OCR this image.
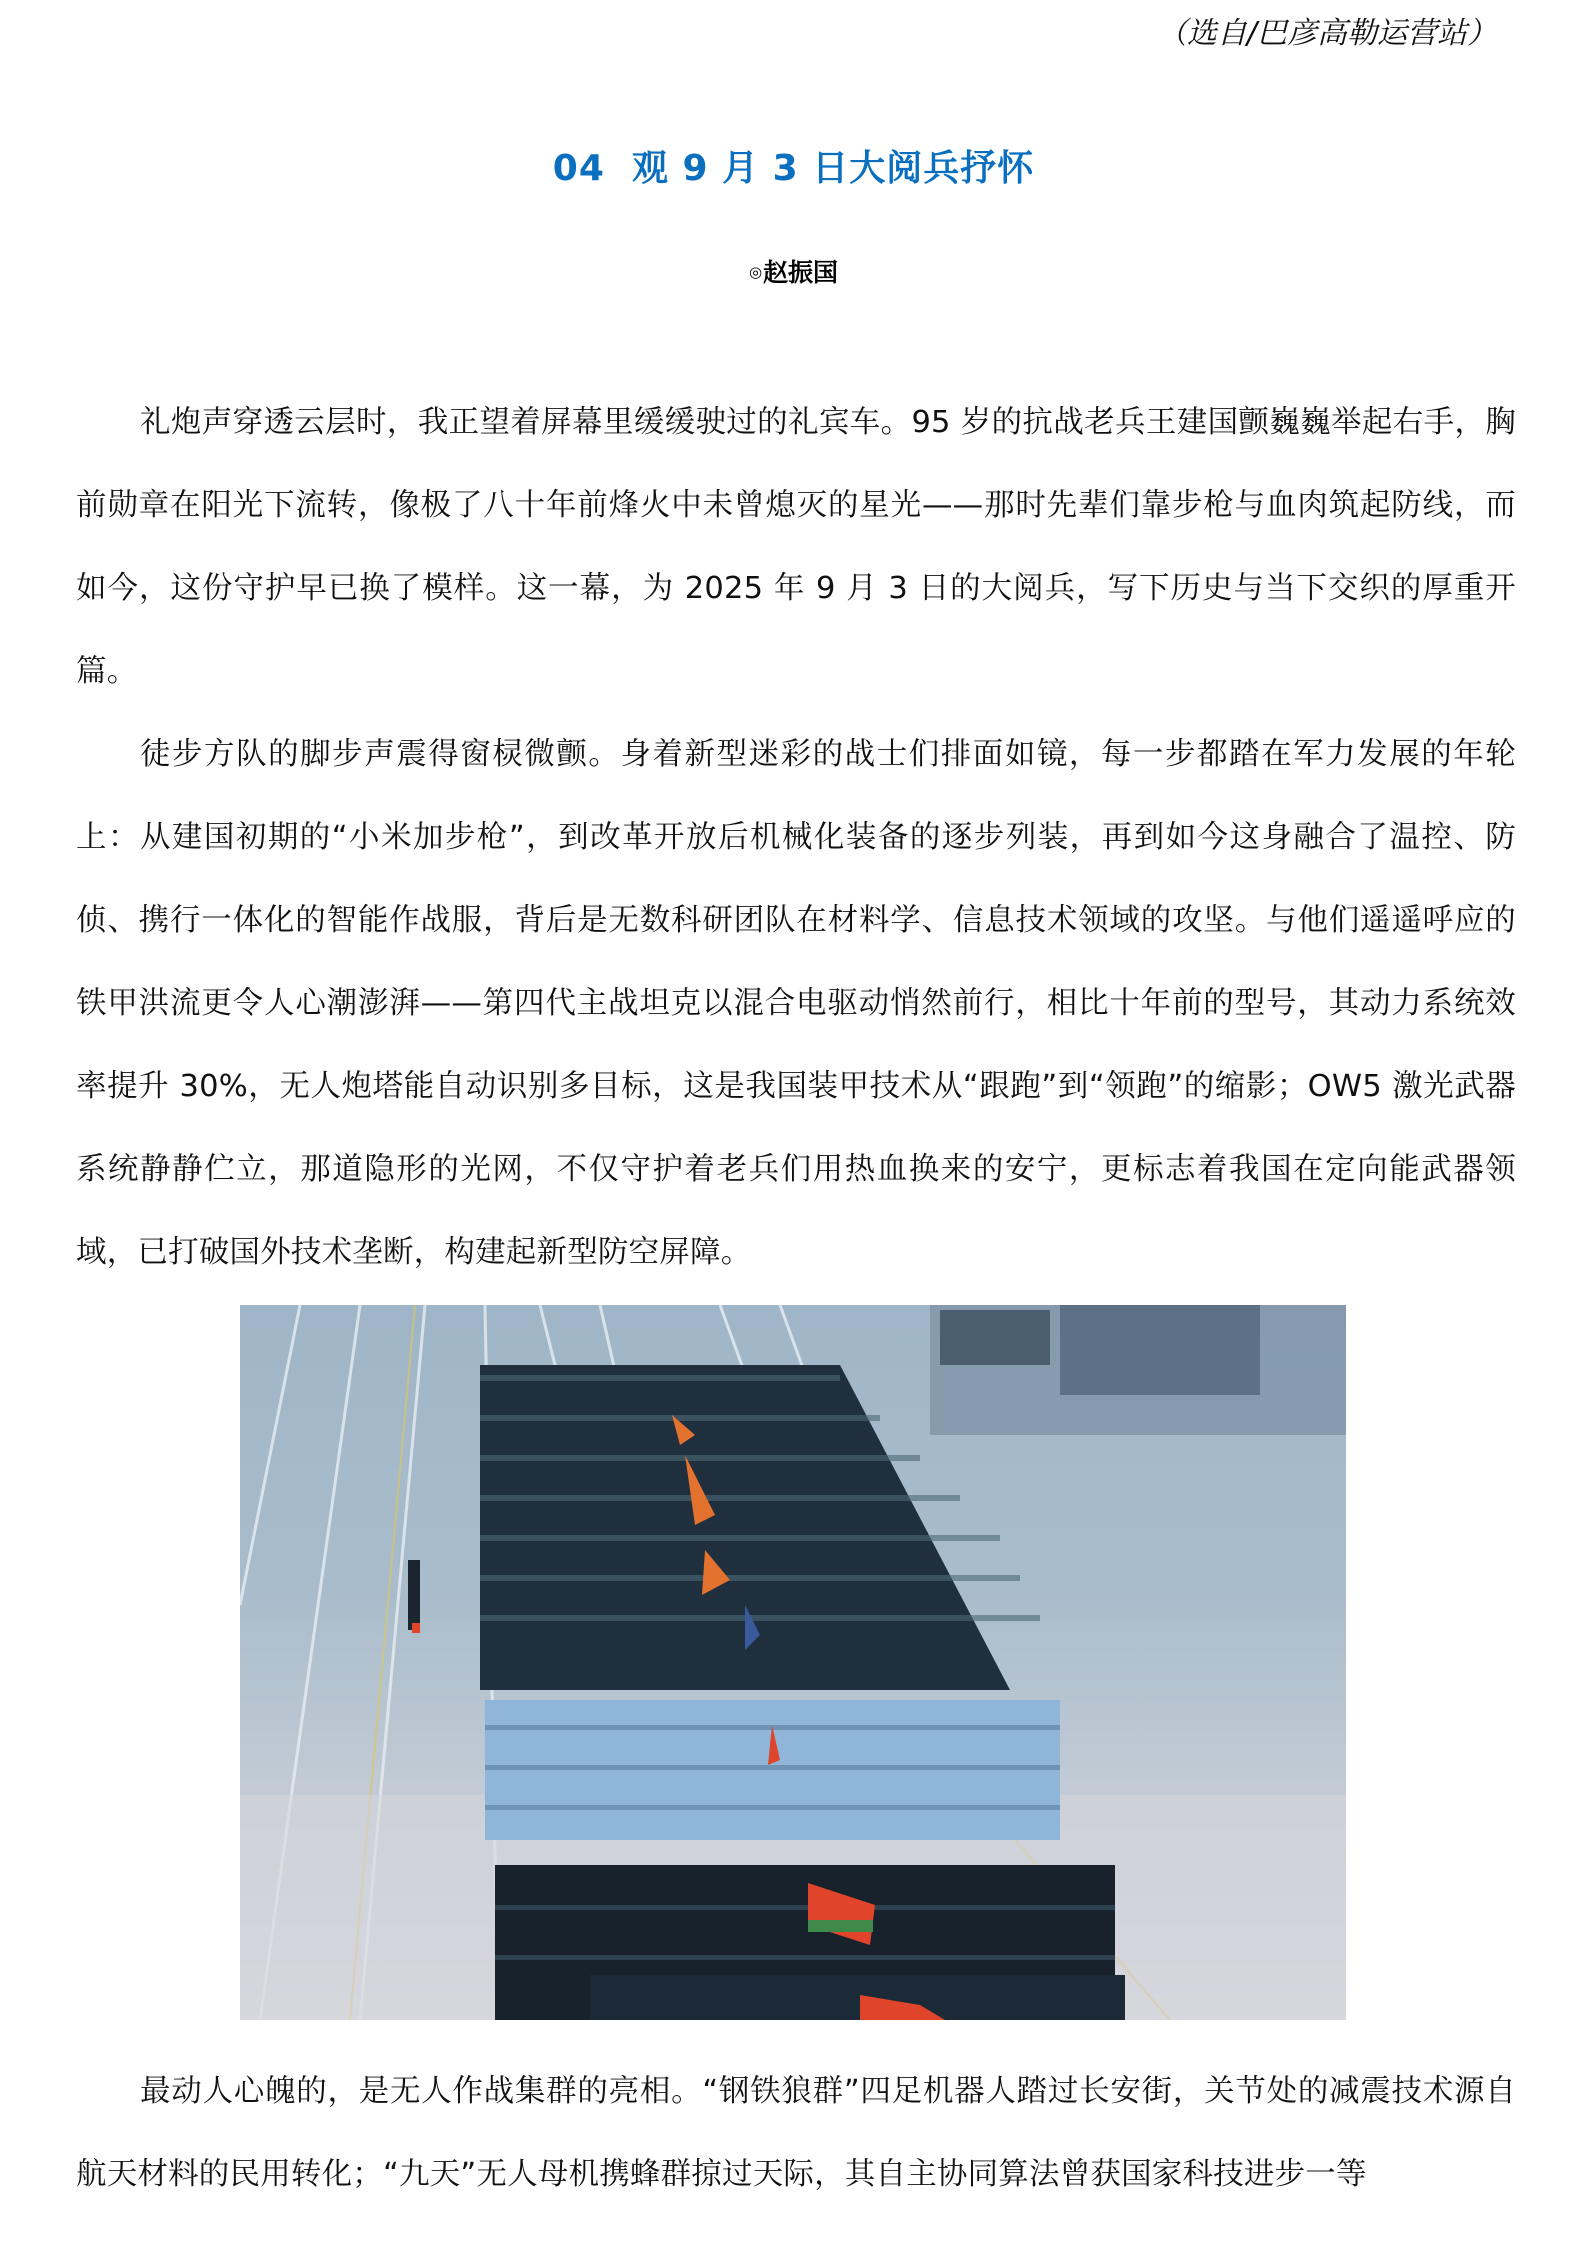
（选自/巴彦高勒运营站）
04  观 9 月 3 日大阅兵抒怀
◎赵振国

礼炮声穿透云层时，我正望着屏幕里缓缓驶过的礼宾车。95 岁的抗战老兵王建国颤巍巍举起右手，胸前勋章在阳光下流转，像极了八十年前烽火中未曾熄灭的星光——那时先辈们靠步枪与血肉筑起防线，而如今，这份守护早已换了模样。这一幕，为 2025 年 9 月 3 日的大阅兵，写下历史与当下交织的厚重开篇。

徒步方队的脚步声震得窗棂微颤。身着新型迷彩的战士们排面如镜，每一步都踏在军力发展的年轮上：从建国初期的“小米加步枪”，到改革开放后机械化装备的逐步列装，再到如今这身融合了温控、防侦、携行一体化的智能作战服，背后是无数科研团队在材料学、信息技术领域的攻坚。与他们遥遥呼应的铁甲洪流更令人心潮澎湃——第四代主战坦克以混合电驱动悄然前行，相比十年前的型号，其动力系统效率提升 30%，无人炮塔能自动识别多目标，这是我国装甲技术从“跟跑”到“领跑”的缩影；OW5 激光武器系统静静伫立，那道隐形的光网，不仅守护着老兵们用热血换来的安宁，更标志着我国在定向能武器领域，已打破国外技术垄断，构建起新型防空屏障。

最动人心魄的，是无人作战集群的亮相。“钢铁狼群”四足机器人踏过长安街，关节处的减震技术源自航天材料的民用转化；“九天”无人母机携蜂群掠过天际，其自主协同算法曾获国家科技进步一等
